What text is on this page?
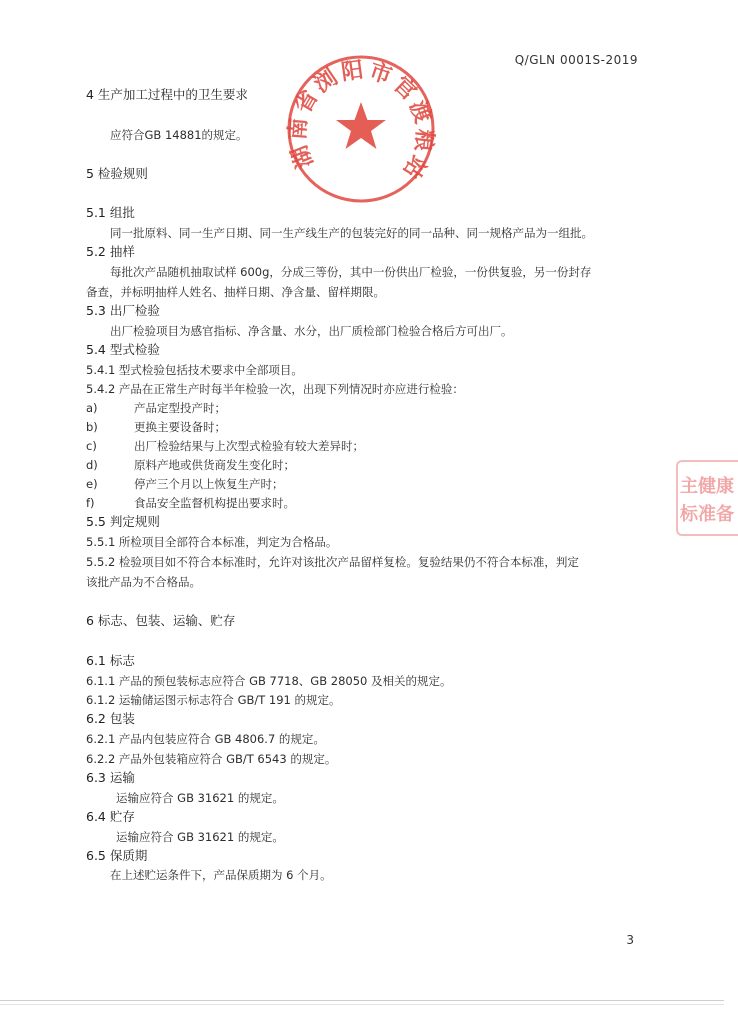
Q/GLN 0001S-2019
湖南省浏阳市官渡粮站
主健康
标准备
4 生产加工过程中的卫生要求
应符合GB 14881的规定。
5 检验规则
5.1 组批
同一批原料、同一生产日期、同一生产线生产的包装完好的同一品种、同一规格产品为一组批。
5.2 抽样
每批次产品随机抽取试样 600g，分成三等份，其中一份供出厂检验，一份供复验，另一份封存
备查，并标明抽样人姓名、抽样日期、净含量、留样期限。
5.3 出厂检验
出厂检验项目为感官指标、净含量、水分，出厂质检部门检验合格后方可出厂。
5.4 型式检验
5.4.1 型式检验包括技术要求中全部项目。
5.4.2 产品在正常生产时每半年检验一次，出现下列情况时亦应进行检验：
a)	产品定型投产时；
b)	更换主要设备时；
c)	出厂检验结果与上次型式检验有较大差异时；
d)	原料产地或供货商发生变化时；
e)	停产三个月以上恢复生产时；
f)	食品安全监督机构提出要求时。
5.5 判定规则
5.5.1 所检项目全部符合本标准，判定为合格品。
5.5.2 检验项目如不符合本标准时，允许对该批次产品留样复检。复验结果仍不符合本标准，判定
该批产品为不合格品。
6 标志、包装、运输、贮存
6.1 标志
6.1.1 产品的预包装标志应符合 GB 7718、GB 28050 及相关的规定。
6.1.2 运输储运图示标志符合 GB/T 191 的规定。
6.2 包装
6.2.1 产品内包装应符合 GB 4806.7 的规定。
6.2.2 产品外包装箱应符合 GB/T 6543 的规定。
6.3 运输
运输应符合 GB 31621 的规定。
6.4 贮存
运输应符合 GB 31621 的规定。
6.5 保质期
在上述贮运条件下，产品保质期为 6 个月。
3
